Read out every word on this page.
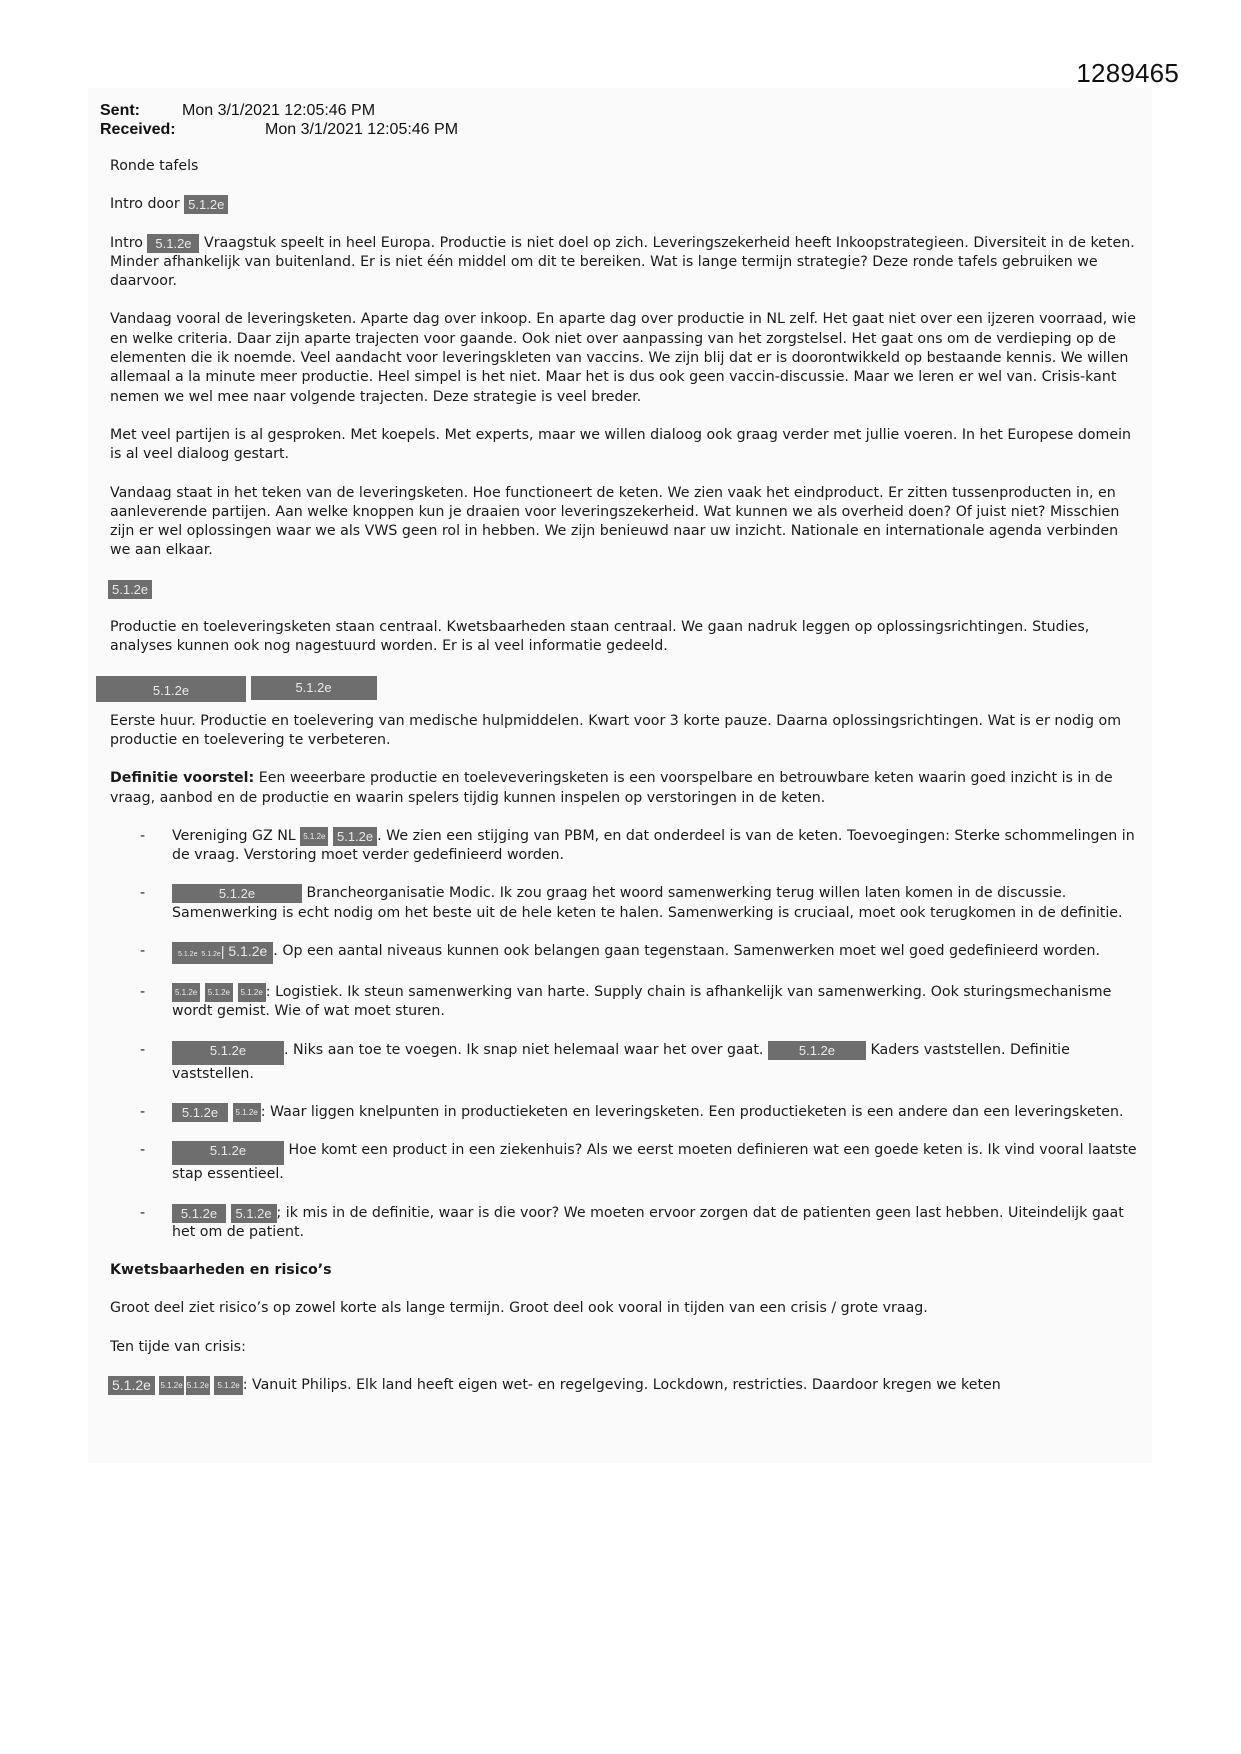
1289465
Sent:	Mon 3/1/2021 12:05:46 PM
Received:	Mon 3/1/2021 12:05:46 PM

Ronde tafels

Intro door 5.1.2e

Intro 5.1.2e Vraagstuk speelt in heel Europa. Productie is niet doel op zich. Leveringszekerheid heeft Inkoopstrategieen. Diversiteit in de keten. Minder afhankelijk van buitenland. Er is niet één middel om dit te bereiken. Wat is lange termijn strategie? Deze ronde tafels gebruiken we daarvoor.

Vandaag vooral de leveringsketen. Aparte dag over inkoop. En aparte dag over productie in NL zelf. Het gaat niet over een ijzeren voorraad, wie en welke criteria. Daar zijn aparte trajecten voor gaande. Ook niet over aanpassing van het zorgstelsel. Het gaat ons om de verdieping op de elementen die ik noemde. Veel aandacht voor leveringskleten van vaccins. We zijn blij dat er is doorontwikkeld op bestaande kennis. We willen allemaal a la minute meer productie. Heel simpel is het niet. Maar het is dus ook geen vaccin-discussie. Maar we leren er wel van. Crisis-kant nemen we wel mee naar volgende trajecten. Deze strategie is veel breder.

Met veel partijen is al gesproken. Met koepels. Met experts, maar we willen dialoog ook graag verder met jullie voeren. In het Europese domein is al veel dialoog gestart.

Vandaag staat in het teken van de leveringsketen. Hoe functioneert de keten. We zien vaak het eindproduct. Er zitten tussenproducten in, en aanleverende partijen. Aan welke knoppen kun je draaien voor leveringszekerheid. Wat kunnen we als overheid doen? Of juist niet? Misschien zijn er wel oplossingen waar we als VWS geen rol in hebben. We zijn benieuwd naar uw inzicht. Nationale en internationale agenda verbinden we aan elkaar.

5.1.2e

Productie en toeleveringsketen staan centraal. Kwetsbaarheden staan centraal. We gaan nadruk leggen op oplossingsrichtingen. Studies, analyses kunnen ook nog nagestuurd worden. Er is al veel informatie gedeeld.

5.1.2e	5.1.2e

Eerste huur. Productie en toelevering van medische hulpmiddelen. Kwart voor 3 korte pauze. Daarna oplossingsrichtingen. Wat is er nodig om productie en toelevering te verbeteren.

Definitie voorstel: Een weeerbare productie en toeleveveringsketen is een voorspelbare en betrouwbare keten waarin goed inzicht is in de vraag, aanbod en de productie en waarin spelers tijdig kunnen inspelen op verstoringen in de keten.

- Vereniging GZ NL 5.1.2e 5.1.2e . We zien een stijging van PBM, en dat onderdeel is van de keten. Toevoegingen: Sterke schommelingen in de vraag. Verstoring moet verder gedefinieerd worden.
- 5.1.2e	Brancheorganisatie Modic. Ik zou graag het woord samenwerking terug willen laten komen in de discussie. Samenwerking is echt nodig om het beste uit de hele keten te halen. Samenwerking is cruciaal, moet ook terugkomen in de definitie.
- 5.1.2e 5.1.2e| 5.1.2e . Op een aantal niveaus kunnen ook belangen gaan tegenstaan. Samenwerken moet wel goed gedefinieerd worden.
- 5.1.2e 5.1.2e 5.1.2e : Logistiek. Ik steun samenwerking van harte. Supply chain is afhankelijk van samenwerking. Ook sturingsmechanisme wordt gemist. Wie of wat moet sturen.
- 5.1.2e	. Niks aan toe te voegen. Ik snap niet helemaal waar het over gaat.	5.1.2e Kaders vaststellen. Definitie vaststellen.
- 5.1.2e 5.1.2e : Waar liggen knelpunten in productieketen en leveringsketen. Een productieketen is een andere dan een leveringsketen.
- 5.1.2e	Hoe komt een product in een ziekenhuis? Als we eerst moeten definieren wat een goede keten is. Ik vind vooral laatste stap essentieel.
- 5.1.2e 5.1.2e ; ik mis in de definitie, waar is die voor? We moeten ervoor zorgen dat de patienten geen last hebben. Uiteindelijk gaat het om de patient.

Kwetsbaarheden en risico’s

Groot deel ziet risico’s op zowel korte als lange termijn. Groot deel ook vooral in tijden van een crisis / grote vraag.

Ten tijde van crisis:

5.1.2e 5.1.2e 5.1.2e 5.1.2e : Vanuit Philips. Elk land heeft eigen wet- en regelgeving. Lockdown, restricties. Daardoor kregen we keten
